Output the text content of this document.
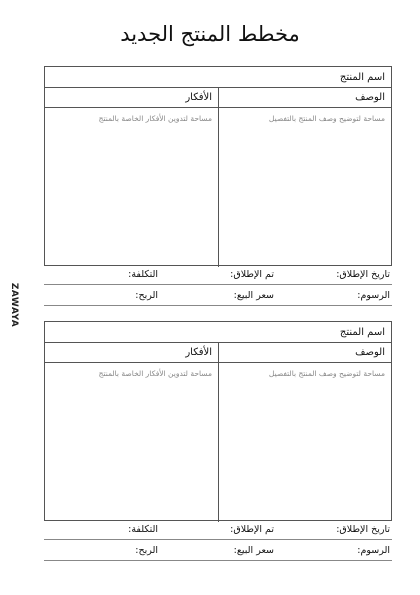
مخطط المنتج الجديد
ZAWAYA
اسم المنتج
الوصف
الأفكار
مساحة لتوضيح وصف المنتج بالتفصيل
مساحة لتدوين الأفكار الخاصة بالمنتج
تاريخ الإطلاق:
تم الإطلاق:
التكلفة:
الرسوم:
سعر البيع:
الربح:
اسم المنتج
الوصف
الأفكار
مساحة لتوضيح وصف المنتج بالتفصيل
مساحة لتدوين الأفكار الخاصة بالمنتج
تاريخ الإطلاق:
تم الإطلاق:
التكلفة:
الرسوم:
سعر البيع:
الربح:
